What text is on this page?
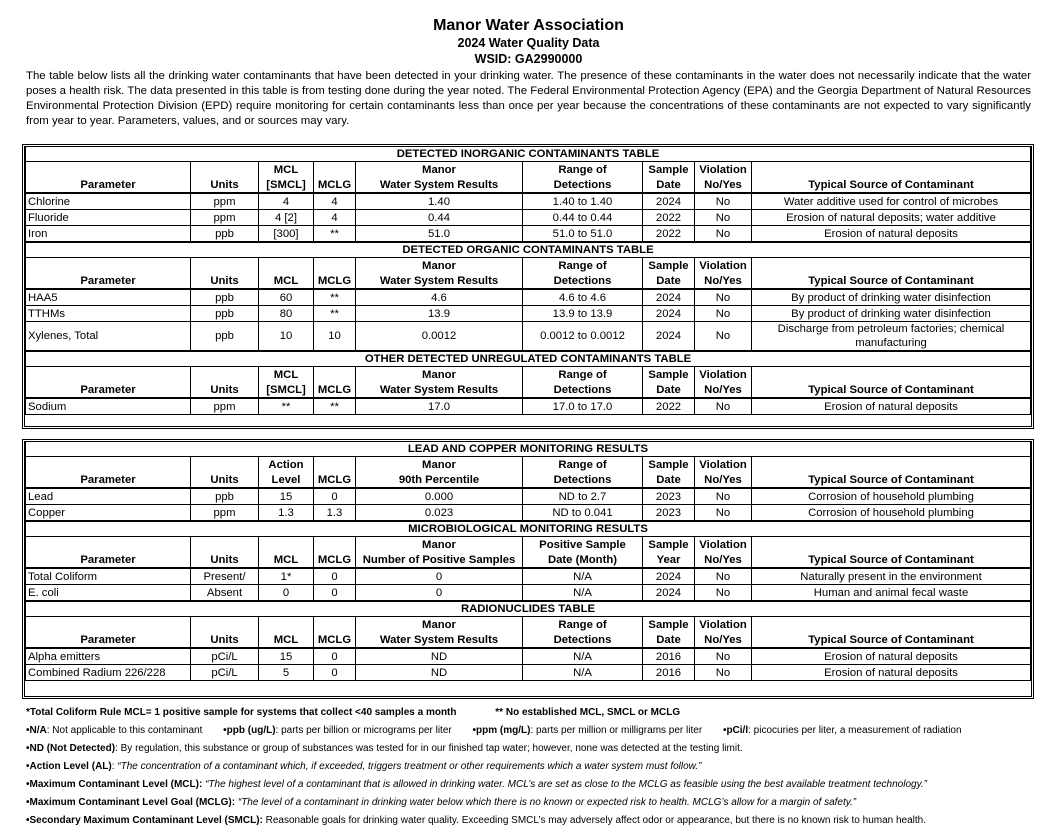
Manor Water Association
2024 Water Quality Data
WSID: GA2990000
The table below lists all the drinking water contaminants that have been detected in your drinking water. The presence of these contaminants in the water does not necessarily indicate that the water poses a health risk. The data presented in this table is from testing done during the year noted. The Federal Environmental Protection Agency (EPA) and the Georgia Department of Natural Resources Environmental Protection Division (EPD) require monitoring for certain contaminants less than once per year because the concentrations of these contaminants are not expected to vary significantly from year to year. Parameters, values, and or sources may vary.
DETECTED INORGANIC CONTAMINANTS TABLE								
		MCL		Manor	Range of	Sample	Violation	
Parameter	Units	[SMCL]	MCLG	Water System Results	Detections	Date	No/Yes	Typical Source of Contaminant
Chlorine	ppm	4	4	1.40	1.40 to 1.40	2024	No	Water additive used for control of microbes
Fluoride	ppm	4 [2]	4	0.44	0.44 to 0.44	2022	No	Erosion of natural deposits; water additive
Iron	ppb	[300]	**	51.0	51.0 to 51.0	2022	No	Erosion of natural deposits
DETECTED ORGANIC CONTAMINANTS TABLE								
				Manor	Range of	Sample	Violation	
Parameter	Units	MCL	MCLG	Water System Results	Detections	Date	No/Yes	Typical Source of Contaminant
HAA5	ppb	60	**	4.6	4.6 to 4.6	2024	No	By product of drinking water disinfection
TTHMs	ppb	80	**	13.9	13.9 to 13.9	2024	No	By product of drinking water disinfection
Xylenes, Total	ppb	10	10	0.0012	0.0012 to 0.0012	2024	No	Discharge from petroleum factories; chemical manufacturing
OTHER DETECTED UNREGULATED CONTAMINANTS TABLE								
		MCL		Manor	Range of	Sample	Violation	
Parameter	Units	[SMCL]	MCLG	Water System Results	Detections	Date	No/Yes	Typical Source of Contaminant
Sodium	ppm	**	**	17.0	17.0 to 17.0	2022	No	Erosion of natural deposits
LEAD AND COPPER MONITORING RESULTS								
		Action		Manor	Range of	Sample	Violation	
Parameter	Units	Level	MCLG	90th Percentile	Detections	Date	No/Yes	Typical Source of Contaminant
Lead	ppb	15	0	0.000	ND to 2.7	2023	No	Corrosion of household plumbing
Copper	ppm	1.3	1.3	0.023	ND to 0.041	2023	No	Corrosion of household plumbing
MICROBIOLOGICAL MONITORING RESULTS								
				Manor	Positive Sample	Sample	Violation	
Parameter	Units	MCL	MCLG	Number of Positive Samples	Date (Month)	Year	No/Yes	Typical Source of Contaminant
Total Coliform	Present/	1*	0	0	N/A	2024	No	Naturally present in the environment
E. coli	Absent	0	0	0	N/A	2024	No	Human and animal fecal waste
RADIONUCLIDES TABLE								
				Manor	Range of	Sample	Violation	
Parameter	Units	MCL	MCLG	Water System Results	Detections	Date	No/Yes	Typical Source of Contaminant
Alpha emitters	pCi/L	15	0	ND	N/A	2016	No	Erosion of natural deposits
Combined Radium 226/228	pCi/L	5	0	ND	N/A	2016	No	Erosion of natural deposits
*Total Coliform Rule MCL= 1 positive sample for systems that collect <40 samples a month	** No established MCL, SMCL or MCLG
•N/A: Not applicable to this contaminant •ppb (ug/L): parts per billion or micrograms per liter •ppm (mg/L): parts per million or milligrams per liter •pCi/l: picocuries per liter, a measurement of radiation
•ND (Not Detected): By regulation, this substance or group of substances was tested for in our finished tap water; however, none was detected at the testing limit.
•Action Level (AL): “The concentration of a contaminant which, if exceeded, triggers treatment or other requirements which a water system must follow.”
•Maximum Contaminant Level (MCL): “The highest level of a contaminant that is allowed in drinking water. MCL’s are set as close to the MCLG as feasible using the best available treatment technology.”
•Maximum Contaminant Level Goal (MCLG): “The level of a contaminant in drinking water below which there is no known or expected risk to health. MCLG’s allow for a margin of safety.”
•Secondary Maximum Contaminant Level (SMCL): Reasonable goals for drinking water quality. Exceeding SMCL’s may adversely affect odor or appearance, but there is no known risk to human health.
